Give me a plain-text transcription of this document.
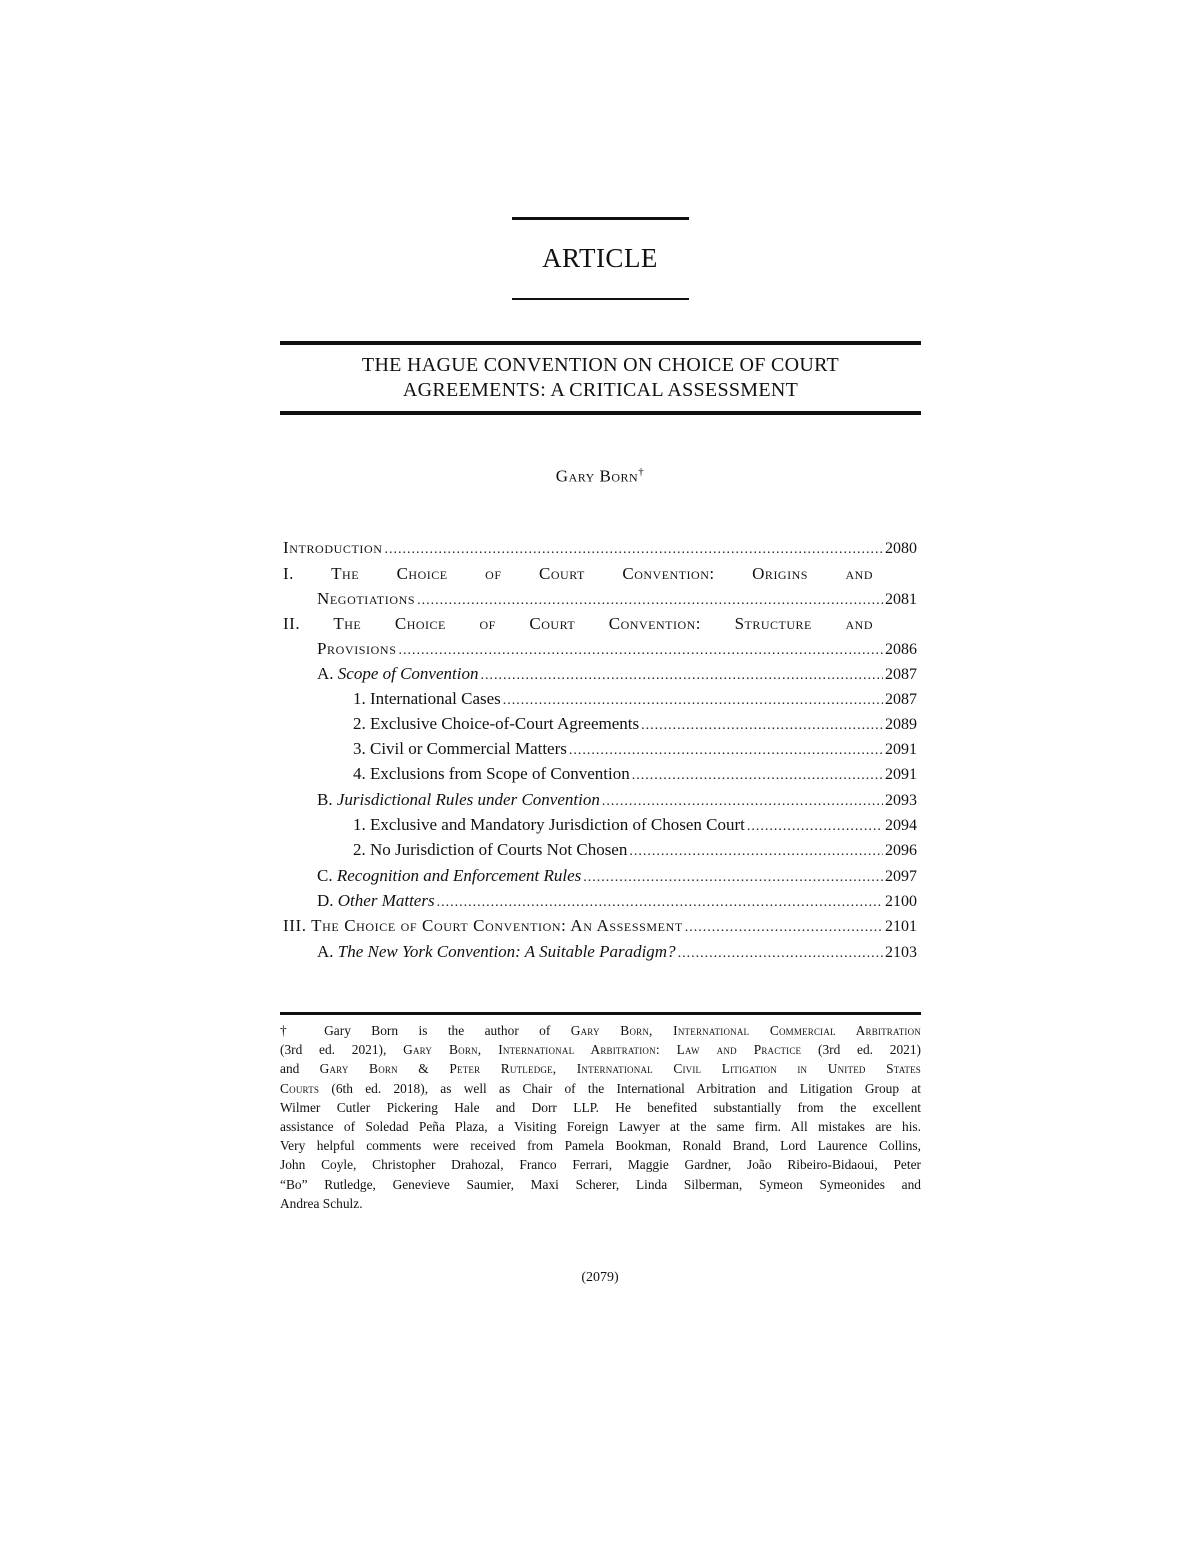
ARTICLE
THE HAGUE CONVENTION ON CHOICE OF COURT
AGREEMENTS: A CRITICAL ASSESSMENT
Gary Born†
Introduction .....	2080
I. The Choice of Court Convention: Origins and
Negotiations .....	2081
II. The Choice of Court Convention: Structure and
Provisions .....	2086
A. Scope of Convention .....	2087
1. International Cases .....	2087
2. Exclusive Choice-of-Court Agreements .....	2089
3. Civil or Commercial Matters .....	2091
4. Exclusions from Scope of Convention .....	2091
B. Jurisdictional Rules under Convention .....	2093
1. Exclusive and Mandatory Jurisdiction of Chosen Court .....	2094
2. No Jurisdiction of Courts Not Chosen .....	2096
C. Recognition and Enforcement Rules .....	2097
D. Other Matters .....	2100
III. The Choice of Court Convention: An Assessment .....	2101
A. The New York Convention: A Suitable Paradigm? .....	2103
† Gary Born is the author of Gary Born, International Commercial Arbitration
(3rd ed. 2021), Gary Born, International Arbitration: Law and Practice (3rd ed. 2021)
and Gary Born & Peter Rutledge, International Civil Litigation in United States
Courts (6th ed. 2018), as well as Chair of the International Arbitration and Litigation Group at
Wilmer Cutler Pickering Hale and Dorr LLP. He benefited substantially from the excellent
assistance of Soledad Peña Plaza, a Visiting Foreign Lawyer at the same firm. All mistakes are his.
Very helpful comments were received from Pamela Bookman, Ronald Brand, Lord Laurence Collins,
John Coyle, Christopher Drahozal, Franco Ferrari, Maggie Gardner, João Ribeiro-Bidaoui, Peter
“Bo” Rutledge, Genevieve Saumier, Maxi Scherer, Linda Silberman, Symeon Symeonides and
Andrea Schulz.
(2079)
